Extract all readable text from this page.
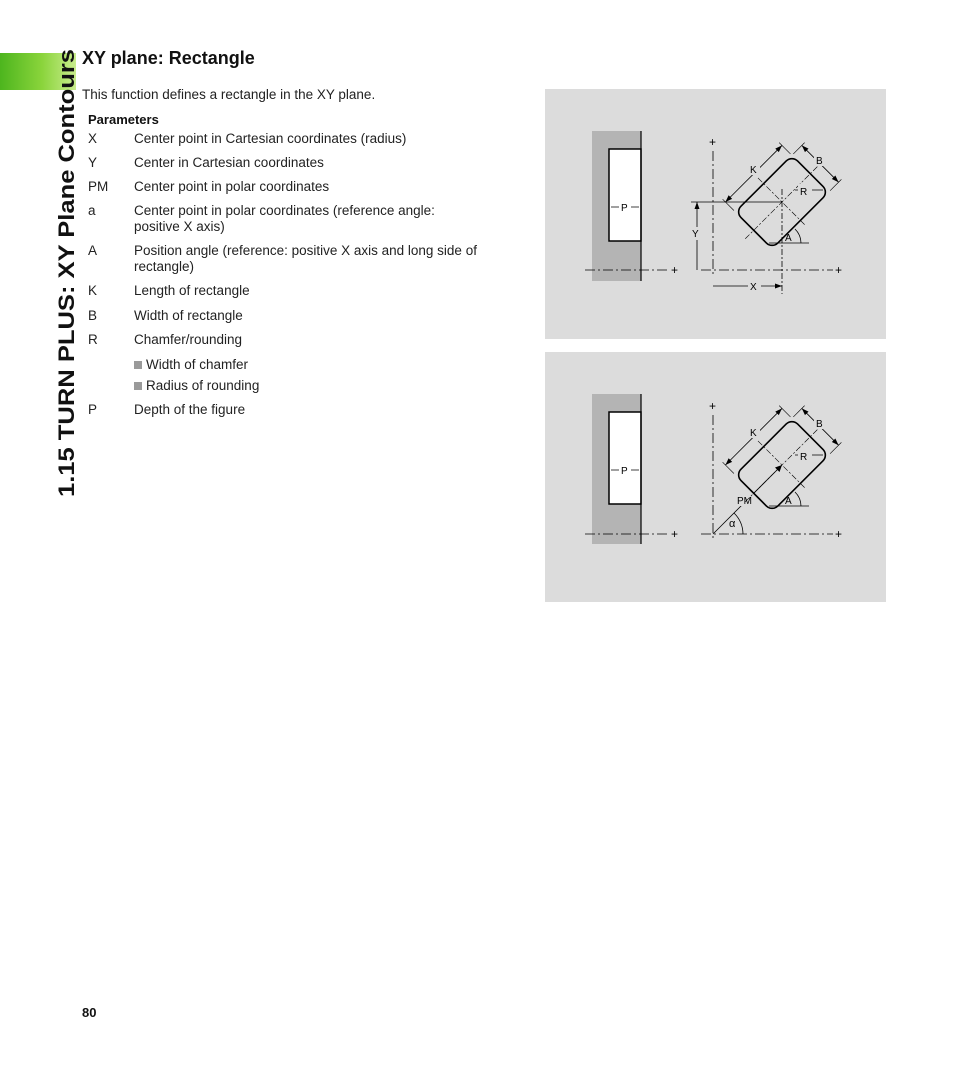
1.15 TURN PLUS: XY Plane Contours
XY plane: Rectangle

This function defines a rectangle in the XY plane.

Parameters

X	Center point in Cartesian coordinates (radius)
Y	Center in Cartesian coordinates
PM	Center point in polar coordinates
a	Center point in polar coordinates (reference angle: positive X axis)
A	Position angle (reference: positive X axis and long side of rectangle)
K	Length of rectangle
B	Width of rectangle
R	Chamfer/rounding
Width of chamfer
Radius of rounding
P	Depth of the figure
P
+
+
+
Y
X
K
B
R
A
P
+
+
+
PM
α
K
B
R
A

80
